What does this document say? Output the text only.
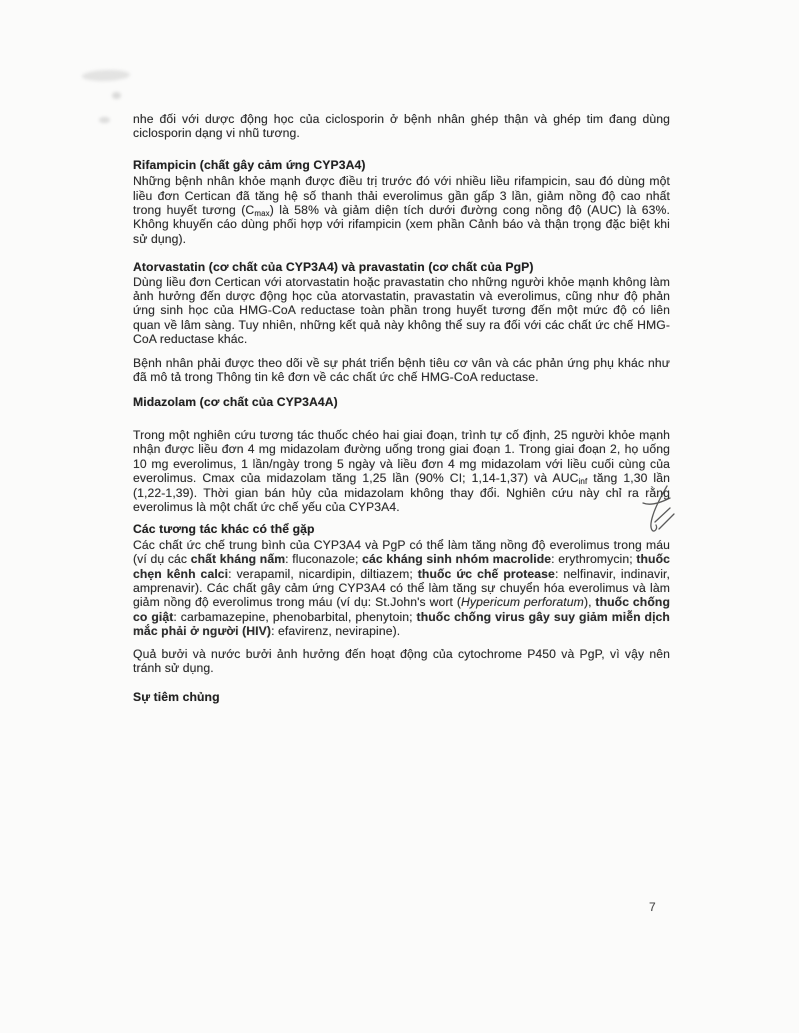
nhe đối với dược động học của ciclosporin ở bệnh nhân ghép thận và ghép tim đang dùng ciclosporin dạng vi nhũ tương.

Rifampicin (chất gây cảm ứng CYP3A4)

Những bệnh nhân khỏe mạnh được điều trị trước đó với nhiều liều rifampicin, sau đó dùng một liều đơn Certican đã tăng hệ số thanh thải everolimus gần gấp 3 lần, giảm nồng độ cao nhất trong huyết tương $(C_{max})$ là 58% và giảm diện tích dưới đường cong nồng độ (AUC) là 63%. Không khuyến cáo dùng phối hợp với rifampicin (xem phần Cảnh báo và thận trọng đặc biệt khi sử dụng).

Atorvastatin (cơ chất của CYP3A4) và pravastatin (cơ chất của PgP)

Dùng liều đơn Certican với atorvastatin hoặc pravastatin cho những người khỏe mạnh không làm ảnh hưởng đến dược động học của atorvastatin, pravastatin và everolimus, cũng như độ phản ứng sinh học của HMG-CoA reductase toàn phần trong huyết tương đến một mức độ có liên quan về lâm sàng. Tuy nhiên, những kết quả này không thể suy ra đối với các chất ức chế HMG-CoA reductase khác.

Bệnh nhân phải được theo dõi về sự phát triển bệnh tiêu cơ vân và các phản ứng phụ khác như đã mô tả trong Thông tin kê đơn về các chất ức chế HMG-CoA reductase.

Midazolam (cơ chất của CYP3A4A)

Trong một nghiên cứu tương tác thuốc chéo hai giai đoạn, trình tự cố định, 25 người khỏe mạnh nhận được liều đơn 4 mg midazolam đường uống trong giai đoạn 1. Trong giai đoạn 2, họ uống 10 mg everolimus, 1 lần/ngày trong 5 ngày và liều đơn 4 mg midazolam với liều cuối cùng của everolimus. Cmax của midazolam tăng 1,25 lần (90% CI; 1,14-1,37) và $AUC_{inf}$ tăng 1,30 lần (1,22-1,39). Thời gian bán hủy của midazolam không thay đổi. Nghiên cứu này chỉ ra rằng everolimus là một chất ức chế yếu của CYP3A4.

Các tương tác khác có thể gặp

Các chất ức chế trung bình của CYP3A4 và PgP có thể làm tăng nồng độ everolimus trong máu (ví dụ các chất kháng nấm: fluconazole; các kháng sinh nhóm macrolide: erythromycin; thuốc chẹn kênh calci: verapamil, nicardipin, diltiazem; thuốc ức chế protease: nelfinavir, indinavir, amprenavir). Các chất gây cảm ứng CYP3A4 có thể làm tăng sự chuyển hóa everolimus và làm giảm nồng độ everolimus trong máu (ví dụ: St.John's wort (Hypericum perforatum), thuốc chống co giật: carbamazepine, phenobarbital, phenytoin; thuốc chống virus gây suy giảm miễn dịch mắc phải ở người (HIV): efavirenz, nevirapine).

Quả bưởi và nước bưởi ảnh hưởng đến hoạt động của cytochrome P450 và PgP, vì vậy nên tránh sử dụng.

Sự tiêm chủng
7
